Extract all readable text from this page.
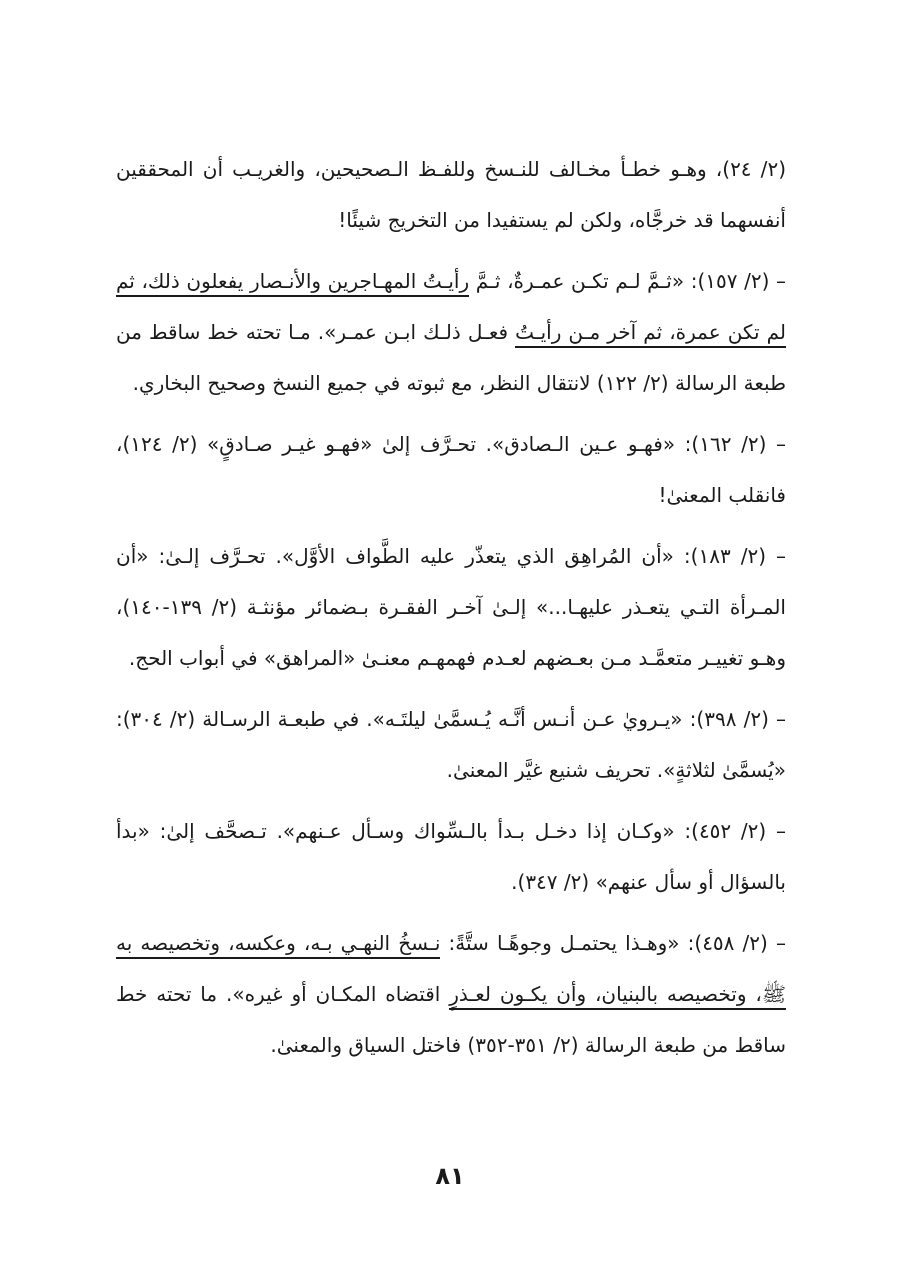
(٢/ ٢٤)، وهـو خطـأ مخـالف للنـسخ وللفـظ الـصحيحين، والغريـب أن المحققين أنفسهما قد خرجَّاه، ولكن لم يستفيدا من التخريج شيئًا!

– (٢/ ١٥٧): «ثـمَّ لـم تكـن عمـرةٌ، ثـمَّ رأيـتُ المهـاجرين والأنـصار يفعلون ذلك، ثم لم تكن عمرة، ثم آخر مـن رأيـتُ فعـل ذلـك ابـن عمـر». مـا تحته خط ساقط من طبعة الرسالة (٢/ ١٢٢) لانتقال النظر، مع ثبوته في جميع النسخ وصحيح البخاري.

– (٢/ ١٦٢): «فهـو عـين الـصادق». تحـرَّف إلىٰ «فهـو غيـر صـادقٍ» (٢/ ١٢٤)، فانقلب المعنىٰ!

– (٢/ ١٨٣): «أن المُراهِق الذي يتعذّر عليه الطَّواف الأوَّل». تحـرَّف إلـىٰ: «أن المـرأة التـي يتعـذر عليهـا...» إلـىٰ آخـر الفقـرة بـضمائر مؤنثـة (٢/ ١٣٩-١٤٠)، وهـو تغييـر متعمَّـد مـن بعـضهم لعـدم فهمهـم معنـىٰ «المراهق» في أبواب الحج.

– (٢/ ٣٩٨): «يـرويٰ عـن أنـس أنَّـه يُـسمَّىٰ ليلتَـه». في طبعـة الرسـالة (٢/ ٣٠٤): «يُسمَّىٰ لثلاثةٍ». تحريف شنيع غيَّر المعنىٰ.

– (٢/ ٤٥٢): «وكـان إذا دخـل بـدأ بالـسِّواك وسـأل عـنهم». تـصحَّف إلىٰ: «بدأ بالسؤال أو سأل عنهم» (٢/ ٣٤٧).

– (٢/ ٤٥٨): «وهـذا يحتمـل وجوهًـا ستَّةً: نـسخُ النهـي بـه، وعكسه، وتخصيصه به ﷺ، وتخصيصه بالبنيان، وأن يكـون لعـذرٍ اقتضاه المكـان أو غيره». ما تحته خط ساقط من طبعة الرسالة (٢/ ٣٥١-٣٥٢) فاختل السياق والمعنىٰ.

٨١
